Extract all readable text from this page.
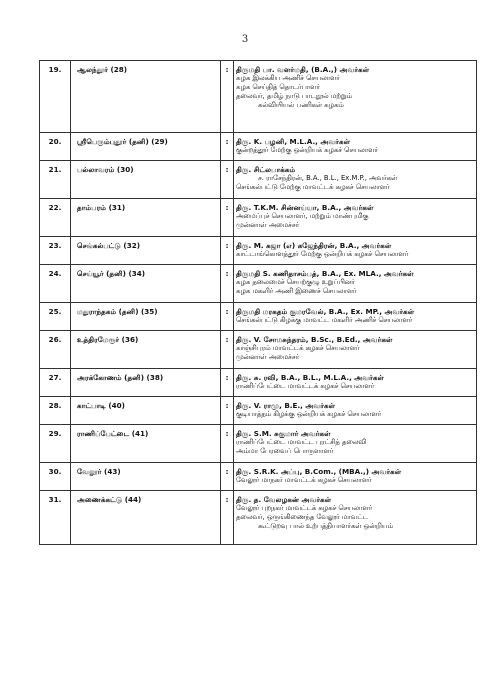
3
19.	ஆலந்தூர் (28)	:	திருமதி பா. வளர்மதி, (B.A.,) அவர்கள்
கழக இலக்கிய அணிச் செயலாளர்
கழக செய்தித் தொடர்பாளர்
தலைவர், தமிழ் நாடு பாடநூல் மற்றும்
கல்வியியல் பணிகள் கழகம்

20.	ஸ்ரீபெரும்புதூர் (தனி) (29)	:	திரு. K. பழனி, M.L.A., அவர்கள்
குன்றத்தூர் மேற்கு ஒன்றியக் கழகச் செயலாளர்

21.	பல்லாவரம் (30)	:	திரு. சிட்லபாக்கம்
ச. ராசேந்திரன், B.A., B.L., Ex.M.P., அவர்கள்
செங்கல்பட்டு மேற்கு மாவட்டக் கழகச் செயலாளர்

22.	தாம்பரம் (31)	:	திரு. T.K.M. சின்னய்யா, B.A., அவர்கள்
அமைப்புச் செயலாளர், மற்றும் மாண்புமிகு
முன்னாள் அமைச்சர்

23.	செங்கல்பட்டு (32)	:	திரு. M. கஜா (எ) கஜேந்திரன், B.A., அவர்கள்
காட்டாங்கொளத்தூர் மேற்கு ஒன்றியக் கழகச் செயலாளர்

24.	செய்யூர் (தனி) (34)	:	திருமதி S. கணிதாசம்பத், B.A., Ex. MLA., அவர்கள்
கழக தலைமைச் செயற்குழு உறுப்பினர்
கழக மகளிர் அணி இணைச் செயலாளர்

25.	மதுராந்தகம் (தனி) (35)	:	திருமதி மரகதம் குமரவேல், B.A., Ex. MP., அவர்கள்
செங்கல்பட்டு கிழக்கு மாவட்ட மகளிர் அணிச் செயலாளர்

26.	உத்திரமேரூர் (36)	:	திரு. V. சோமசுந்தரம், B.Sc., B.Ed., அவர்கள்
காஞ்சிபுரம் மாவட்டக் கழகச் செயலாளர்
முன்னாள் அமைச்சர்

27.	அரக்கோணம் (தனி) (38)	:	திரு. சு. ரவி, B.A., B.L., M.L.A., அவர்கள்
ராணிப்பேட்டை மாவட்டக் கழகச் செயலாளர்

28.	காட்பாடி (40)	:	திரு. V. ராமு, B.E., அவர்கள்
குடியாத்தம் கிழக்கு ஒன்றியக் கழகச் செயலாளர்

29.	ராணிப்பேட்டை (41)	:	திரு. S.M. சுகுமார் அவர்கள்
ராணிப்பேட்டை மாவட்ட புரட்சித் தலைவி
அம்மா பேரவைப் பொருளாளர்

30.	வேலூர் (43)	:	திரு. S.R.K. அப்பு, B.Com., (MBA.,) அவர்கள்
வேலூர் மாநகர் மாவட்டக் கழகச் செயலாளர்

31.	அணைக்கட்டு (44)	:	திரு. த. வேலழகன் அவர்கள்
வேலூர் புறநகர் மாவட்டக் கழகச் செயலாளர்
தலைவர், ஒருங்கிணைந்த வேலூர் மாவட்ட
கூட்டுறவு பால் உற்பத்தியாளர்கள் ஒன்றியம்
